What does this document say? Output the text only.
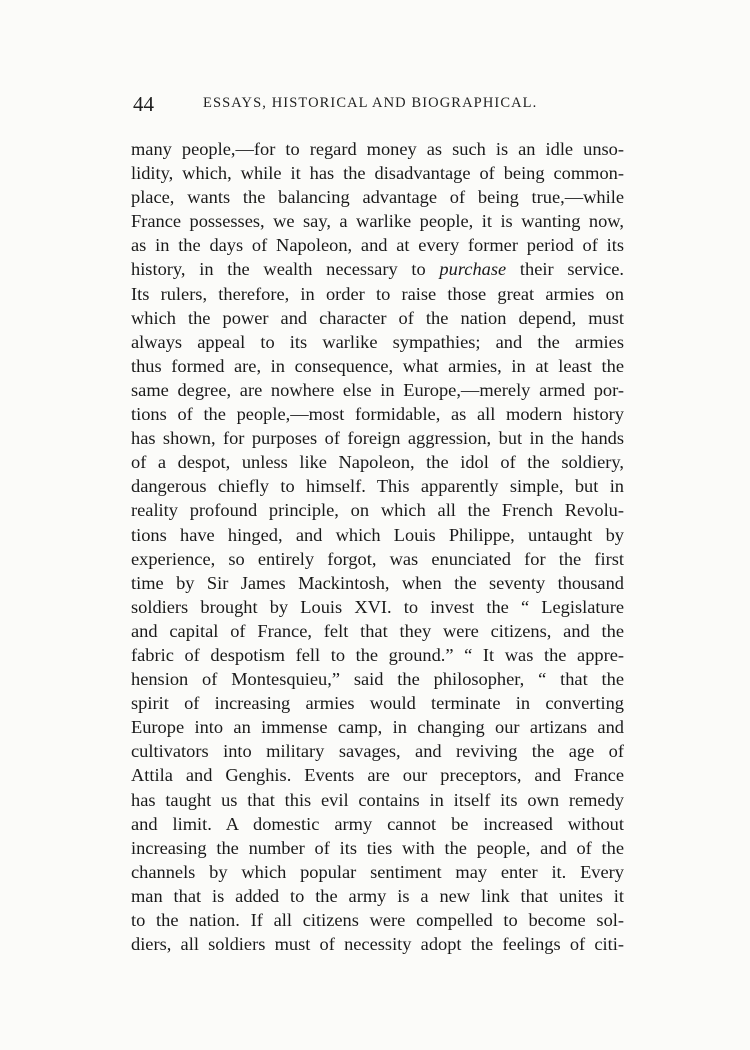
44	ESSAYS, HISTORICAL AND BIOGRAPHICAL.
many people,—for to regard money as such is an idle unso-
lidity, which, while it has the disadvantage of being common-
place, wants the balancing advantage of being true,—while
France possesses, we say, a warlike people, it is wanting now,
as in the days of Napoleon, and at every former period of its
history, in the wealth necessary to purchase their service.
Its rulers, therefore, in order to raise those great armies on
which the power and character of the nation depend, must
always appeal to its warlike sympathies; and the armies
thus formed are, in consequence, what armies, in at least the
same degree, are nowhere else in Europe,—merely armed por-
tions of the people,—most formidable, as all modern history
has shown, for purposes of foreign aggression, but in the hands
of a despot, unless like Napoleon, the idol of the soldiery,
dangerous chiefly to himself. This apparently simple, but in
reality profound principle, on which all the French Revolu-
tions have hinged, and which Louis Philippe, untaught by
experience, so entirely forgot, was enunciated for the first
time by Sir James Mackintosh, when the seventy thousand
soldiers brought by Louis XVI. to invest the “ Legislature
and capital of France, felt that they were citizens, and the
fabric of despotism fell to the ground.” “ It was the appre-
hension of Montesquieu,” said the philosopher, “ that the
spirit of increasing armies would terminate in converting
Europe into an immense camp, in changing our artizans and
cultivators into military savages, and reviving the age of
Attila and Genghis. Events are our preceptors, and France
has taught us that this evil contains in itself its own remedy
and limit. A domestic army cannot be increased without
increasing the number of its ties with the people, and of the
channels by which popular sentiment may enter it. Every
man that is added to the army is a new link that unites it
to the nation. If all citizens were compelled to become sol-
diers, all soldiers must of necessity adopt the feelings of citi-
